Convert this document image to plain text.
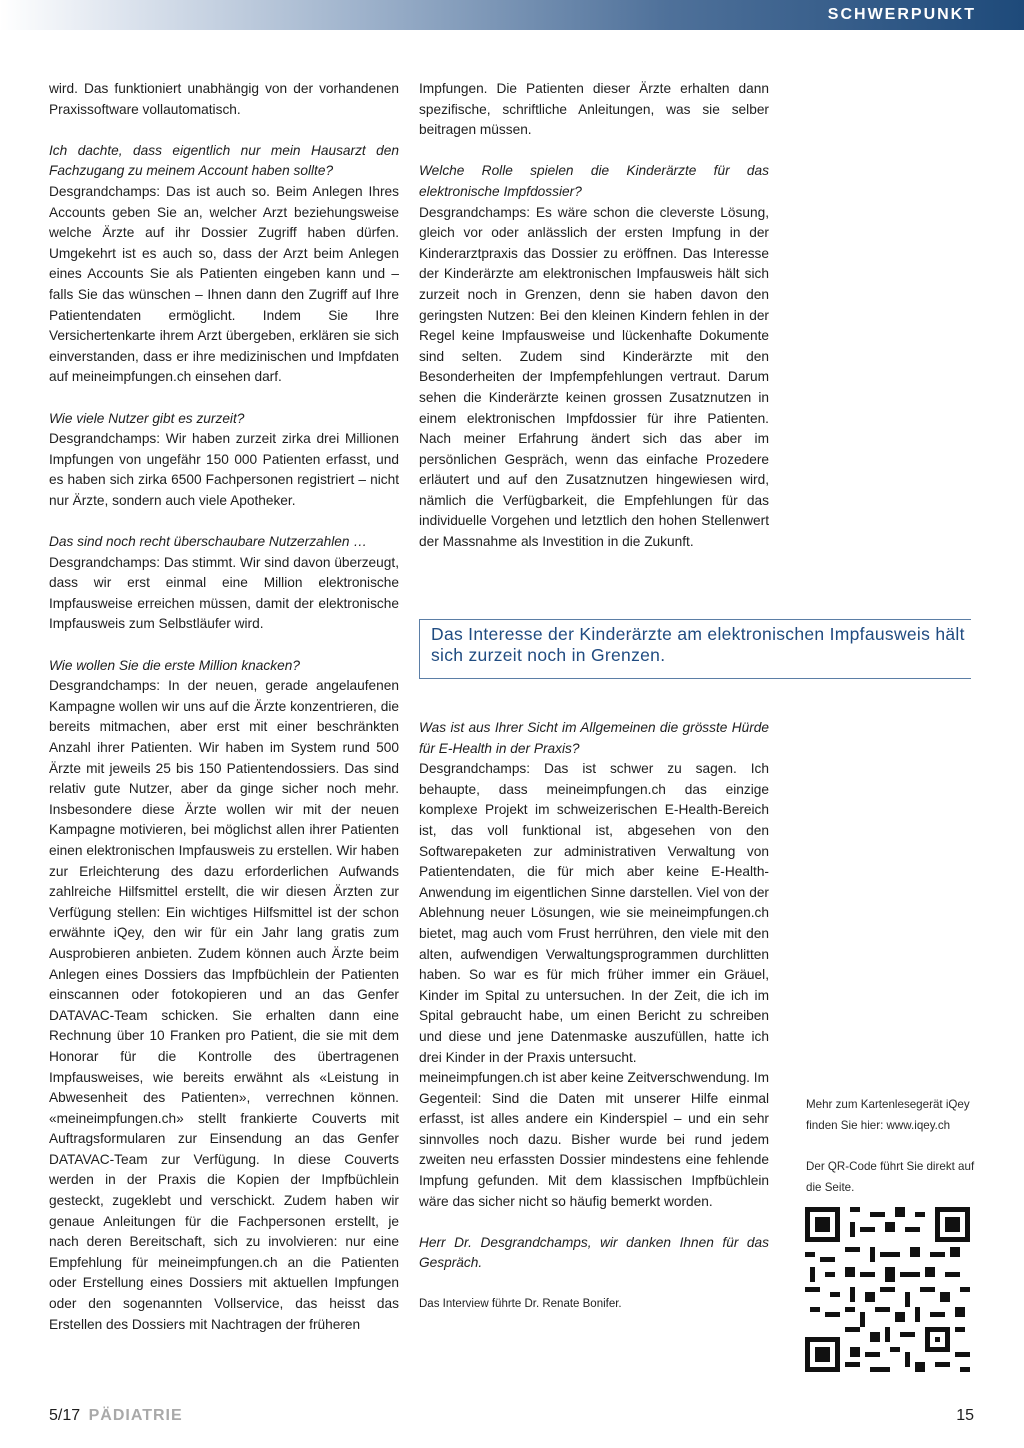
SCHWERPUNKT

wird. Das funktioniert unabhängig von der vorhandenen Praxissoftware vollautomatisch.

Ich dachte, dass eigentlich nur mein Hausarzt den Fachzugang zu meinem Account haben sollte?

Desgrandchamps: Das ist auch so. Beim Anlegen Ihres Accounts geben Sie an, welcher Arzt beziehungsweise welche Ärzte auf ihr Dossier Zugriff haben dürfen. Umgekehrt ist es auch so, dass der Arzt beim Anlegen eines Accounts Sie als Patienten eingeben kann und – falls Sie das wünschen – Ihnen dann den Zugriff auf Ihre Patientendaten ermöglicht. Indem Sie Ihre Versichertenkarte ihrem Arzt übergeben, erklären sie sich einverstanden, dass er ihre medizinischen und Impfdaten auf meineimpfungen.ch einsehen darf.

Wie viele Nutzer gibt es zurzeit?

Desgrandchamps: Wir haben zurzeit zirka drei Millionen Impfungen von ungefähr 150 000 Patienten erfasst, und es haben sich zirka 6500 Fachpersonen registriert – nicht nur Ärzte, sondern auch viele Apotheker.

Das sind noch recht überschaubare Nutzerzahlen …

Desgrandchamps: Das stimmt. Wir sind davon überzeugt, dass wir erst einmal eine Million elektronische Impfausweise erreichen müssen, damit der elektronische Impfausweis zum Selbstläufer wird.

Wie wollen Sie die erste Million knacken?

Desgrandchamps: In der neuen, gerade angelaufenen Kampagne wollen wir uns auf die Ärzte konzentrieren, die bereits mitmachen, aber erst mit einer beschränkten Anzahl ihrer Patienten. Wir haben im System rund 500 Ärzte mit jeweils 25 bis 150 Patientendossiers. Das sind relativ gute Nutzer, aber da ginge sicher noch mehr. Insbesondere diese Ärzte wollen wir mit der neuen Kampagne motivieren, bei möglichst allen ihrer Patienten einen elektronischen Impfausweis zu erstellen. Wir haben zur Erleichterung des dazu erforderlichen Aufwands zahlreiche Hilfsmittel erstellt, die wir diesen Ärzten zur Verfügung stellen: Ein wichtiges Hilfsmittel ist der schon erwähnte iQey, den wir für ein Jahr lang gratis zum Ausprobieren anbieten. Zudem können auch Ärzte beim Anlegen eines Dossiers das Impfbüchlein der Patienten einscannen oder fotokopieren und an das Genfer DATAVAC-Team schicken. Sie erhalten dann eine Rechnung über 10 Franken pro Patient, die sie mit dem Honorar für die Kontrolle des übertragenen Impfausweises, wie bereits erwähnt als «Leistung in Abwesenheit des Patienten», verrechnen können. «meineimpfungen.ch» stellt frankierte Couverts mit Auftragsformularen zur Einsendung an das Genfer DATAVAC-Team zur Verfügung. In diese Couverts werden in der Praxis die Kopien der Impfbüchlein gesteckt, zugeklebt und verschickt. Zudem haben wir genaue Anleitungen für die Fachpersonen erstellt, je nach deren Bereitschaft, sich zu involvieren: nur eine Empfehlung für meineimpfungen.ch an die Patienten oder Erstellung eines Dossiers mit aktuellen Impfungen oder den sogenannten Vollservice, das heisst das Erstellen des Dossiers mit Nachtragen der früheren

Impfungen. Die Patienten dieser Ärzte erhalten dann spezifische, schriftliche Anleitungen, was sie selber beitragen müssen.

Welche Rolle spielen die Kinderärzte für das elektronische Impfdossier?

Desgrandchamps: Es wäre schon die cleverste Lösung, gleich vor oder anlässlich der ersten Impfung in der Kinderarztpraxis das Dossier zu eröffnen. Das Interesse der Kinderärzte am elektronischen Impfausweis hält sich zurzeit noch in Grenzen, denn sie haben davon den geringsten Nutzen: Bei den kleinen Kindern fehlen in der Regel keine Impfausweise und lückenhafte Dokumente sind selten. Zudem sind Kinderärzte mit den Besonderheiten der Impfempfehlungen vertraut. Darum sehen die Kinderärzte keinen grossen Zusatznutzen in einem elektronischen Impfdossier für ihre Patienten. Nach meiner Erfahrung ändert sich das aber im persönlichen Gespräch, wenn das einfache Prozedere erläutert und auf den Zusatznutzen hingewiesen wird, nämlich die Verfügbarkeit, die Empfehlungen für das individuelle Vorgehen und letztlich den hohen Stellenwert der Massnahme als Investition in die Zukunft.

Das Interesse der Kinderärzte am elektronischen Impfausweis hält sich zurzeit noch in Grenzen.

Was ist aus Ihrer Sicht im Allgemeinen die grösste Hürde für E-Health in der Praxis?

Desgrandchamps: Das ist schwer zu sagen. Ich behaupte, dass meineimpfungen.ch das einzige komplexe Projekt im schweizerischen E-Health-Bereich ist, das voll funktional ist, abgesehen von den Softwarepaketen zur administrativen Verwaltung von Patientendaten, die für mich aber keine E-Health-Anwendung im eigentlichen Sinne darstellen. Viel von der Ablehnung neuer Lösungen, wie sie meineimpfungen.ch bietet, mag auch vom Frust herrühren, den viele mit den alten, aufwendigen Verwaltungsprogrammen durchlitten haben. So war es für mich früher immer ein Gräuel, Kinder im Spital zu untersuchen. In der Zeit, die ich im Spital gebraucht habe, um einen Bericht zu schreiben und diese und jene Datenmaske auszufüllen, hatte ich drei Kinder in der Praxis untersucht.

meineimpfungen.ch ist aber keine Zeitverschwendung. Im Gegenteil: Sind die Daten mit unserer Hilfe einmal erfasst, ist alles andere ein Kinderspiel – und ein sehr sinnvolles noch dazu. Bisher wurde bei rund jedem zweiten neu erfassten Dossier mindestens eine fehlende Impfung gefunden. Mit dem klassischen Impfbüchlein wäre das sicher nicht so häufig bemerkt worden.

Herr Dr. Desgrandchamps, wir danken Ihnen für das Gespräch.

Das Interview führte Dr. Renate Bonifer.

Mehr zum Kartenlesegerät iQey finden Sie hier: www.iqey.ch

Der QR-Code führt Sie direkt auf die Seite.

5/17 PÄDIATRIE	15
